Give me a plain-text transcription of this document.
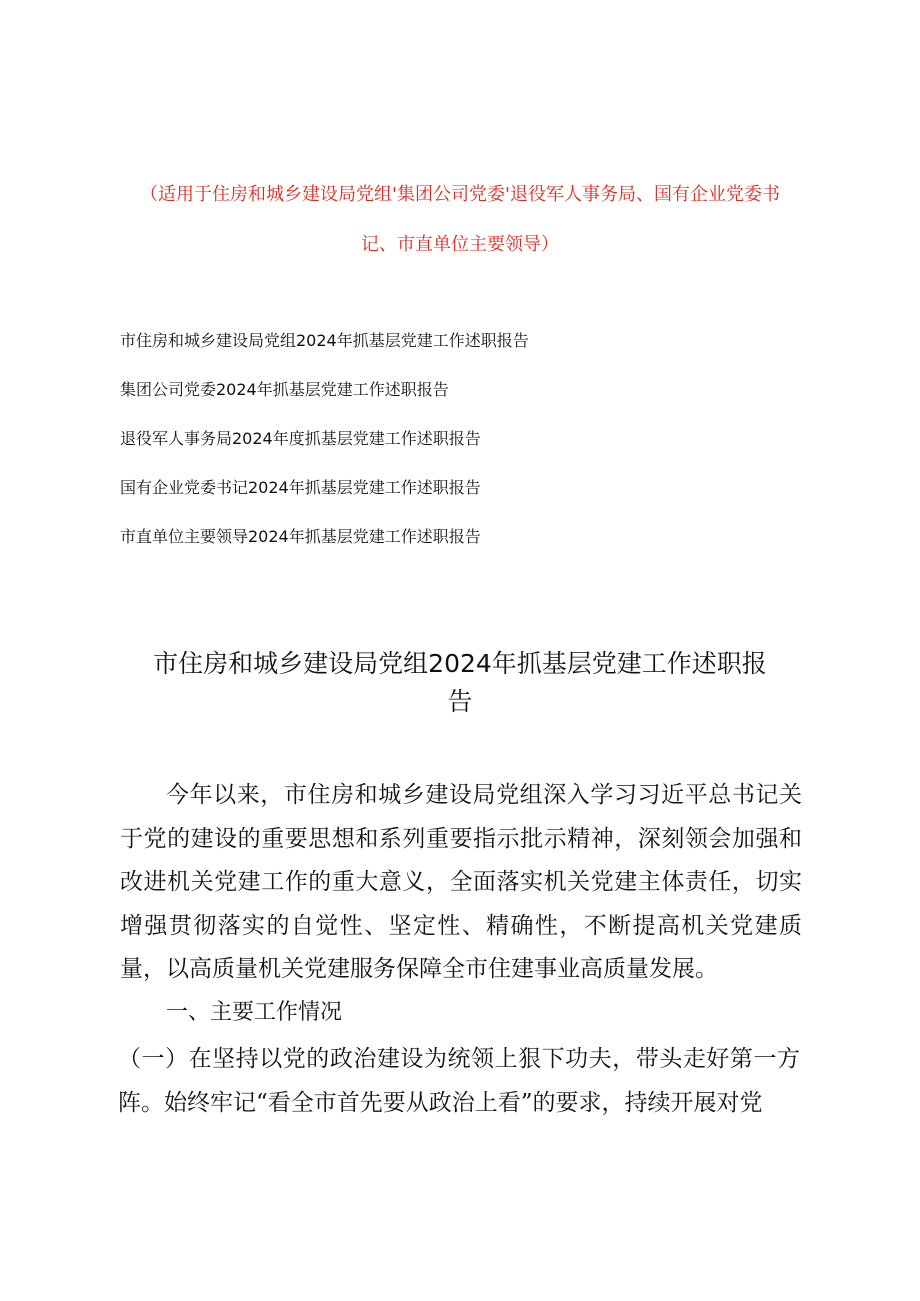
（适用于住房和城乡建设局党组'集团公司党委'退役军人事务局、国有企业党委书
记、市直单位主要领导）
市住房和城乡建设局党组2024年抓基层党建工作述职报告
集团公司党委2024年抓基层党建工作述职报告
退役军人事务局2024年度抓基层党建工作述职报告
国有企业党委书记2024年抓基层党建工作述职报告
市直单位主要领导2024年抓基层党建工作述职报告
市住房和城乡建设局党组2024年抓基层党建工作述职报
告

今年以来，市住房和城乡建设局党组深入学习习近平总书记关于党的建设的重要思想和系列重要指示批示精神，深刻领会加强和改进机关党建工作的重大意义，全面落实机关党建主体责任，切实增强贯彻落实的自觉性、坚定性、精确性，不断提高机关党建质量，以高质量机关党建服务保障全市住建事业高质量发展。

一、主要工作情况

（一）在坚持以党的政治建设为统领上狠下功夫，带头走好第一方阵。始终牢记“看全市首先要从政治上看”的要求，持续开展对党
